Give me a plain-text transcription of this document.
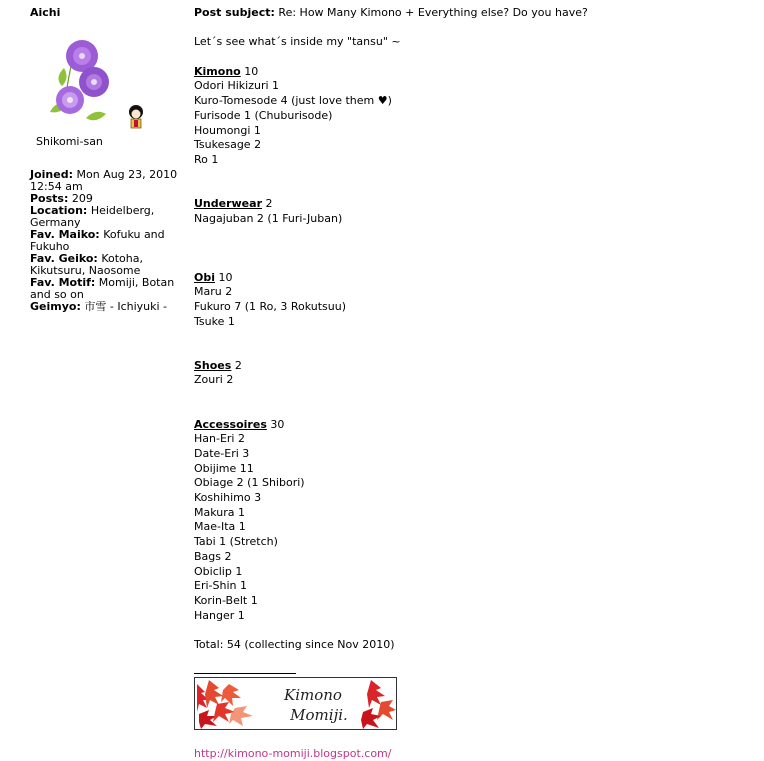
Aichi

Shikomi-san
Joined: Mon Aug 23, 2010 12:54 am
Posts: 209
Location: Heidelberg, Germany
Fav. Maiko: Kofuku and Fukuho
Fav. Geiko: Kotoha, Kikutsuru, Naosome
Fav. Motif: Momiji, Botan and so on
Geimyo: 市雪 - Ichiyuki -
Post subject: Re: How Many Kimono + Everything else? Do you have?
Let´s see what´s inside my "tansu" ~
Kimono 10
Odori Hikizuri 1
Kuro-Tomesode 4 (just love them ♥)
Furisode 1 (Chuburisode)
Houmongi 1
Tsukesage 2
Ro 1
Underwear 2
Nagajuban 2 (1 Furi-Juban)
Obi 10
Maru 2
Fukuro 7 (1 Ro, 3 Rokutsuu)
Tsuke 1
Shoes 2
Zouri 2
Accessoires 30
Han-Eri 2
Date-Eri 3
Obijime 11
Obiage 2 (1 Shibori)
Koshihimo 3
Makura 1
Mae-Ita 1
Tabi 1 (Stretch)
Bags 2
Obiclip 1
Eri-Shin 1
Korin-Belt 1
Hanger 1
Total: 54 (collecting since Nov 2010)
Kimono
Momiji.
http://kimono-momiji.blogspot.com/
